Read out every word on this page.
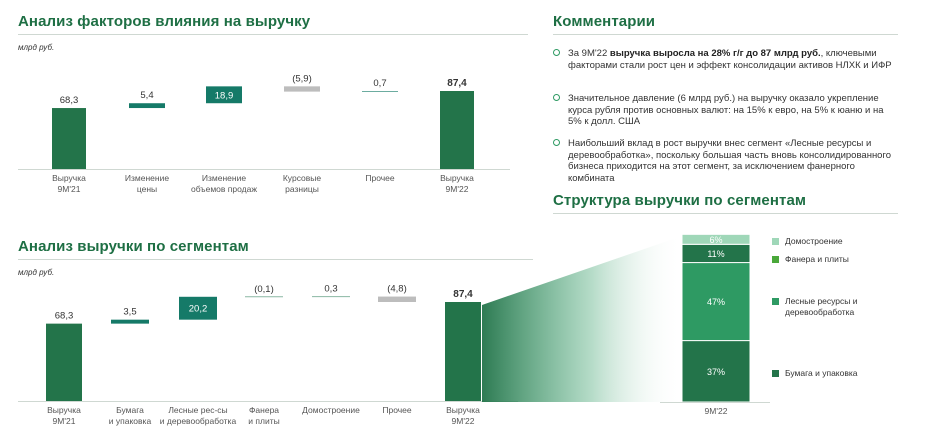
Анализ факторов влияния на выручку
млрд руб.
68,3
Выручка 9М'21
5,4
Изменение цены
18,9
Изменение объемов продаж
(5,9)
Курсовые разницы
0,7
Прочее
87,4
Выручка 9М'22
Анализ выручки по сегментам
млрд руб.
68,3
Выручка 9М'21
3,5
Бумага и упаковка
20,2
Лесные рес-сы и деревообработка
(0,1)
Фанера и плиты
0,3
Домостроение
(4,8)
Прочее
87,4
Выручка 9М'22
Комментарии
За 9М'22 выручка выросла на 28% г/г до 87 млрд руб., ключевыми факторами стали рост цен и эффект консолидации активов НЛХК и ИФР
Значительное давление (6 млрд руб.) на выручку оказало укрепление курса рубля против основных валют: на 15% к евро, на 5% к юаню и на 5% к долл. США
Наибольший вклад в рост выручки внес сегмент «Лесные ресурсы и деревообработка», поскольку большая часть вновь консолидированного бизнеса приходится на этот сегмент, за исключением фанерного комбината
Структура выручки по сегментам
37%
47%
11%
6%
9М'22
Домостроение
Фанера и плиты
Лесные ресурсы и деревообработка
Бумага и упаковка
